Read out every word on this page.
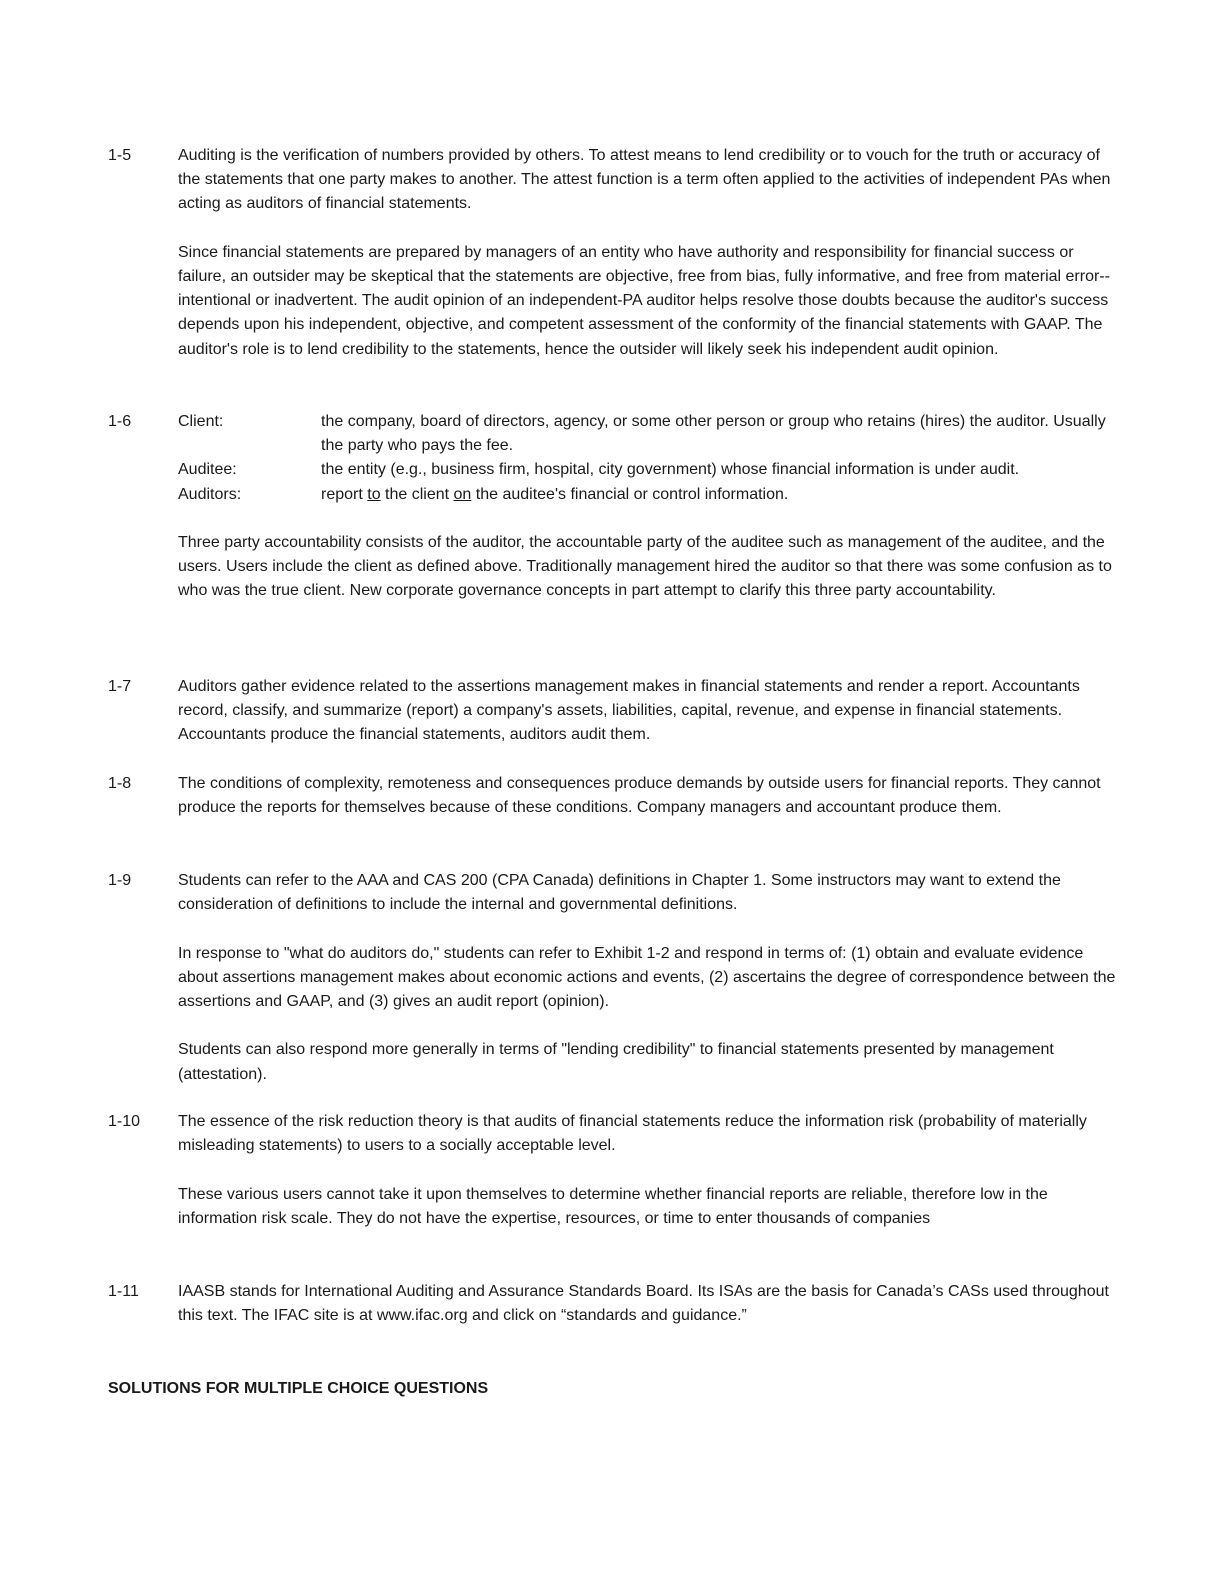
1-5	Auditing is the verification of numbers provided by others. To attest means to lend credibility or to vouch for the truth or accuracy of the statements that one party makes to another. The attest function is a term often applied to the activities of independent PAs when acting as auditors of financial statements.

Since financial statements are prepared by managers of an entity who have authority and responsibility for financial success or failure, an outsider may be skeptical that the statements are objective, free from bias, fully informative, and free from material error--intentional or inadvertent. The audit opinion of an independent-PA auditor helps resolve those doubts because the auditor's success depends upon his independent, objective, and competent assessment of the conformity of the financial statements with GAAP. The auditor's role is to lend credibility to the statements, hence the outsider will likely seek his independent audit opinion.

1-6	Client:	the company, board of directors, agency, or some other person or group who retains (hires) the auditor. Usually the party who pays the fee.
Auditee:	the entity (e.g., business firm, hospital, city government) whose financial information is under audit.
Auditors:	report to the client on the auditee's financial or control information.

Three party accountability consists of the auditor, the accountable party of the auditee such as management of the auditee, and the users. Users include the client as defined above. Traditionally management hired the auditor so that there was some confusion as to who was the true client. New corporate governance concepts in part attempt to clarify this three party accountability.

1-7	Auditors gather evidence related to the assertions management makes in financial statements and render a report. Accountants record, classify, and summarize (report) a company's assets, liabilities, capital, revenue, and expense in financial statements. Accountants produce the financial statements, auditors audit them.

1-8	The conditions of complexity, remoteness and consequences produce demands by outside users for financial reports. They cannot produce the reports for themselves because of these conditions. Company managers and accountant produce them.

1-9	Students can refer to the AAA and CAS 200 (CPA Canada) definitions in Chapter 1. Some instructors may want to extend the consideration of definitions to include the internal and governmental definitions.

In response to "what do auditors do," students can refer to Exhibit 1-2 and respond in terms of: (1) obtain and evaluate evidence about assertions management makes about economic actions and events, (2) ascertains the degree of correspondence between the assertions and GAAP, and (3) gives an audit report (opinion).

Students can also respond more generally in terms of "lending credibility" to financial statements presented by management (attestation).

1-10	The essence of the risk reduction theory is that audits of financial statements reduce the information risk (probability of materially misleading statements) to users to a socially acceptable level.

These various users cannot take it upon themselves to determine whether financial reports are reliable, therefore low in the information risk scale. They do not have the expertise, resources, or time to enter thousands of companies

1-11	IAASB stands for International Auditing and Assurance Standards Board. Its ISAs are the basis for Canada’s CASs used throughout this text. The IFAC site is at www.ifac.org and click on “standards and guidance.”

SOLUTIONS FOR MULTIPLE CHOICE QUESTIONS
